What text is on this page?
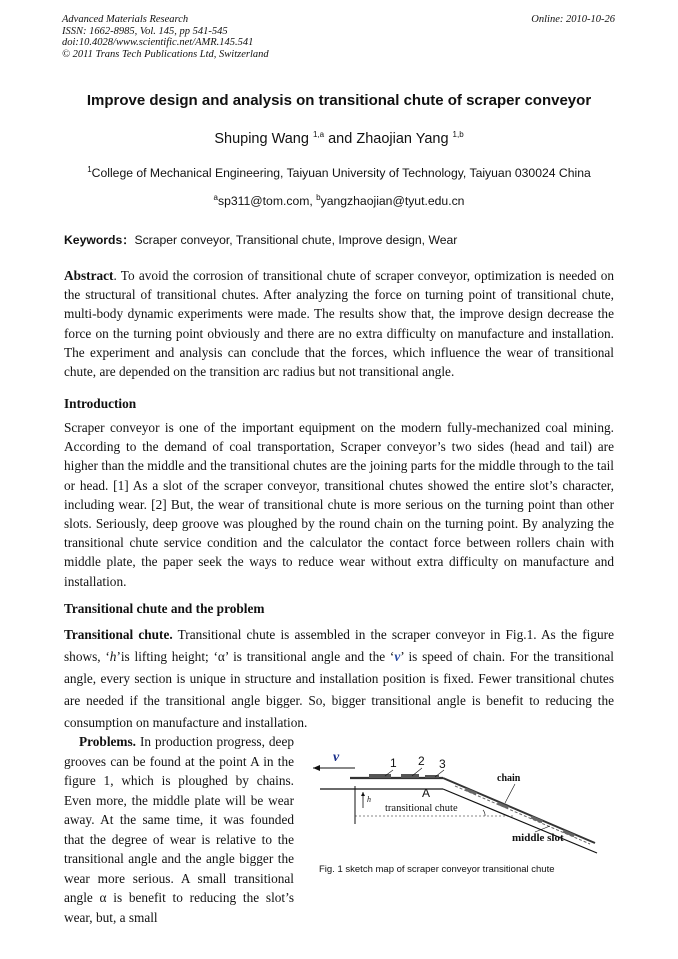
Advanced Materials Research
ISSN: 1662-8985, Vol. 145, pp 541-545
doi:10.4028/www.scientific.net/AMR.145.541
© 2011 Trans Tech Publications Ltd, Switzerland
Online: 2010-10-26
Improve design and analysis on transitional chute of scraper conveyor
Shuping Wang $^{1,a}$ and Zhaojian Yang $^{1,b}$
$^1$College of Mechanical Engineering, Taiyuan University of Technology, Taiyuan 030024 China
$^a$sp311@tom.com, $^b$yangzhaojian@tyut.edu.cn
Keywords：Scraper conveyor, Transitional chute, Improve design, Wear
Abstract. To avoid the corrosion of transitional chute of scraper conveyor, optimization is needed on the structural of transitional chutes. After analyzing the force on turning point of transitional chute, multi-body dynamic experiments were made. The results show that, the improve design decrease the force on the turning point obviously and there are no extra difficulty on manufacture and installation. The experiment and analysis can conclude that the forces, which influence the wear of transitional chute, are depended on the transition arc radius but not transitional angle.
Introduction
Scraper conveyor is one of the important equipment on the modern fully-mechanized coal mining. According to the demand of coal transportation, Scraper conveyor’s two sides (head and tail) are higher than the middle and the transitional chutes are the joining parts for the middle through to the tail or head. [1] As a slot of the scraper conveyor, transitional chutes showed the entire slot’s character, including wear. [2] But, the wear of transitional chute is more serious on the turning point than other slots. Seriously, deep groove was ploughed by the round chain on the turning point. By analyzing the transitional chute service condition and the calculator the contact force between rollers chain with middle plate, the paper seek the ways to reduce wear without extra difficulty on manufacture and installation.
Transitional chute and the problem
Transitional chute. Transitional chute is assembled in the scraper conveyor in Fig.1. As the figure shows, ‘h’is lifting height; ‘α’ is transitional angle and the ‘v’ is speed of chain. For the transitional angle, every section is unique in structure and installation position is fixed. Fewer transitional chutes are needed if the transitional angle bigger. So, bigger transitional angle is benefit to reducing the consumption on manufacture and installation.
Problems. In production progress, deep grooves can be found at the point A in the figure 1, which is ploughed by chains. Even more, the middle plate will be wear away. At the same time, it was founded that the degree of wear is relative to the transitional angle and the angle bigger the wear more serious. A small transitional angle α is benefit to reducing the slot’s wear, but, a small
v	1 2 3
chain
A
h
transitional chute
middle slot
Fig. 1 sketch map of scraper conveyor transitional chute
